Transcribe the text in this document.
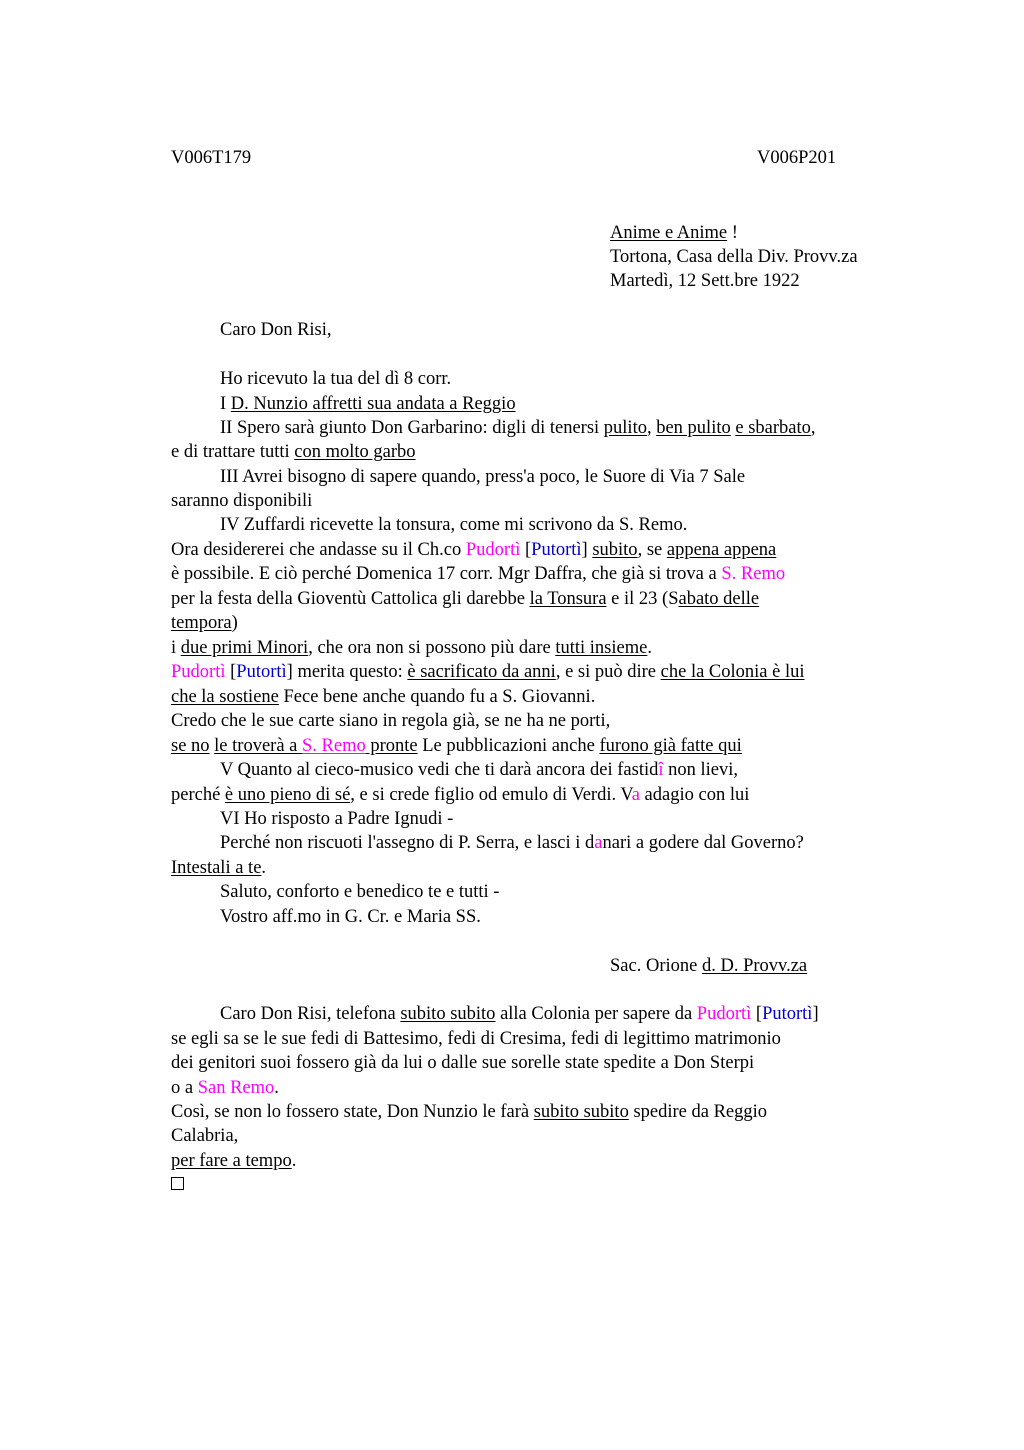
V006T179	V006P201
Anime e Anime !
Tortona, Casa della Div. Provv.za
Martedì, 12 Sett.bre 1922
Caro Don Risi,
Ho ricevuto la tua del dì 8 corr.
I D. Nunzio affretti sua andata a Reggio
II Spero sarà giunto Don Garbarino: digli di tenersi pulito, ben pulito e sbarbato,
e di trattare tutti con molto garbo
III Avrei bisogno di sapere quando, press'a poco, le Suore di Via 7 Sale
saranno disponibili
IV Zuffardi ricevette la tonsura, come mi scrivono da S. Remo.
Ora desidererei che andasse su il Ch.co Pudortì [Putortì] subito, se appena appena
è possibile. E ciò perché Domenica 17 corr. Mgr Daffra, che già si trova a S. Remo
per la festa della Gioventù Cattolica gli darebbe la Tonsura e il 23 (Sabato delle
tempora)
i due primi Minori, che ora non si possono più dare tutti insieme.
Pudortì [Putortì] merita questo: è sacrificato da anni, e si può dire che la Colonia è lui
che la sostiene Fece bene anche quando fu a S. Giovanni.
Credo che le sue carte siano in regola già, se ne ha ne porti,
se no le troverà a S. Remo pronte Le pubblicazioni anche furono già fatte qui
V Quanto al cieco-musico vedi che ti darà ancora dei fastidî non lievi,
perché è uno pieno di sé, e si crede figlio od emulo di Verdi. Va adagio con lui
VI Ho risposto a Padre Ignudi -
Perché non riscuoti l'assegno di P. Serra, e lasci i danari a godere dal Governo?
Intestali a te.
Saluto, conforto e benedico te e tutti -
Vostro aff.mo in G. Cr. e Maria SS.
Sac. Orione d. D. Provv.za
Caro Don Risi, telefona subito subito alla Colonia per sapere da Pudortì [Putortì]
se egli sa se le sue fedi di Battesimo, fedi di Cresima, fedi di legittimo matrimonio
dei genitori suoi fossero già da lui o dalle sue sorelle state spedite a Don Sterpi
o a San Remo.
Così, se non lo fossero state, Don Nunzio le farà subito subito spedire da Reggio
Calabria,
per fare a tempo.
